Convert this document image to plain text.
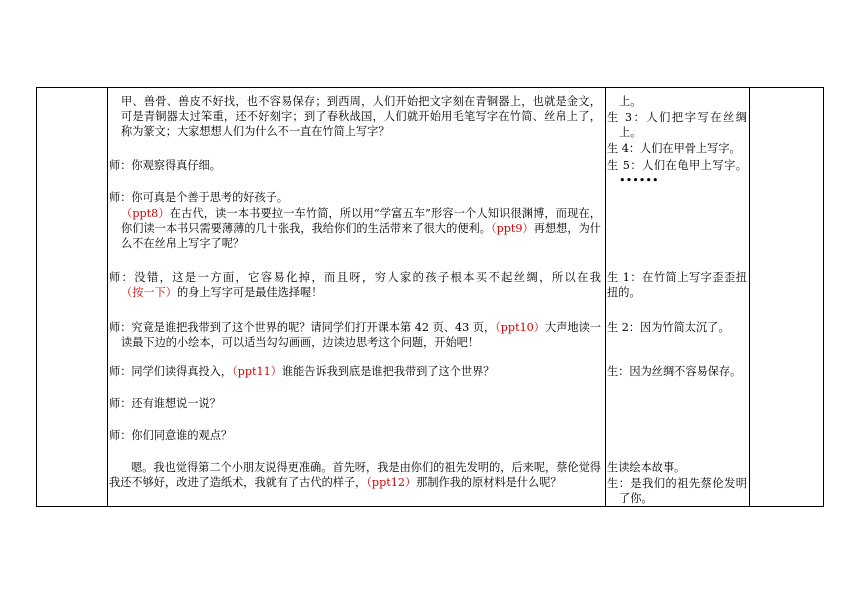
甲、兽骨、兽皮不好找，也不容易保存；到西周，人们开始把文字刻在青铜器上，也就是金文，可是青铜器太过笨重，还不好刻字；到了春秋战国，人们就开始用毛笔写字在竹简、丝帛上了，称为篆文；大家想想人们为什么不一直在竹简上写字？

师：你观察得真仔细。

师：你可真是个善于思考的好孩子。

（ppt8）在古代，读一本书要拉一车竹简，所以用“学富五车”形容一个人知识很渊博，而现在，你们读一本书只需要薄薄的几十张我，我给你们的生活带来了很大的便利。（ppt9）再想想，为什么不在丝帛上写字了呢？

师：没错，这是一方面，它容易化掉，而且呀，穷人家的孩子根本买不起丝绸，所以在我（按一下）的身上写字可是最佳选择喔！

师：究竟是谁把我带到了这个世界的呢？请同学们打开课本第 42 页、43 页，（ppt10）大声地读一读最下边的小绘本，可以适当勾勾画画，边读边思考这个问题，开始吧！

师：同学们读得真投入，（ppt11）谁能告诉我到底是谁把我带到了这个世界？

师：还有谁想说一说？

师：你们同意谁的观点？

嗯。我也觉得第二个小朋友说得更准确。首先呀，我是由你们的祖先发明的，后来呢，蔡伦觉得我还不够好，改进了造纸术，我就有了古代的样子，（ppt12）那制作我的原材料是什么呢？

上。

生 3：人们把字写在丝绸上。

生 4：人们在甲骨上写字。

生 5：人们在龟甲上写字。••••••

生 1：在竹简上写字歪歪扭扭的。

生 2：因为竹简太沉了。

生：因为丝绸不容易保存。

生读绘本故事。

生：是我们的祖先蔡伦发明了你。
